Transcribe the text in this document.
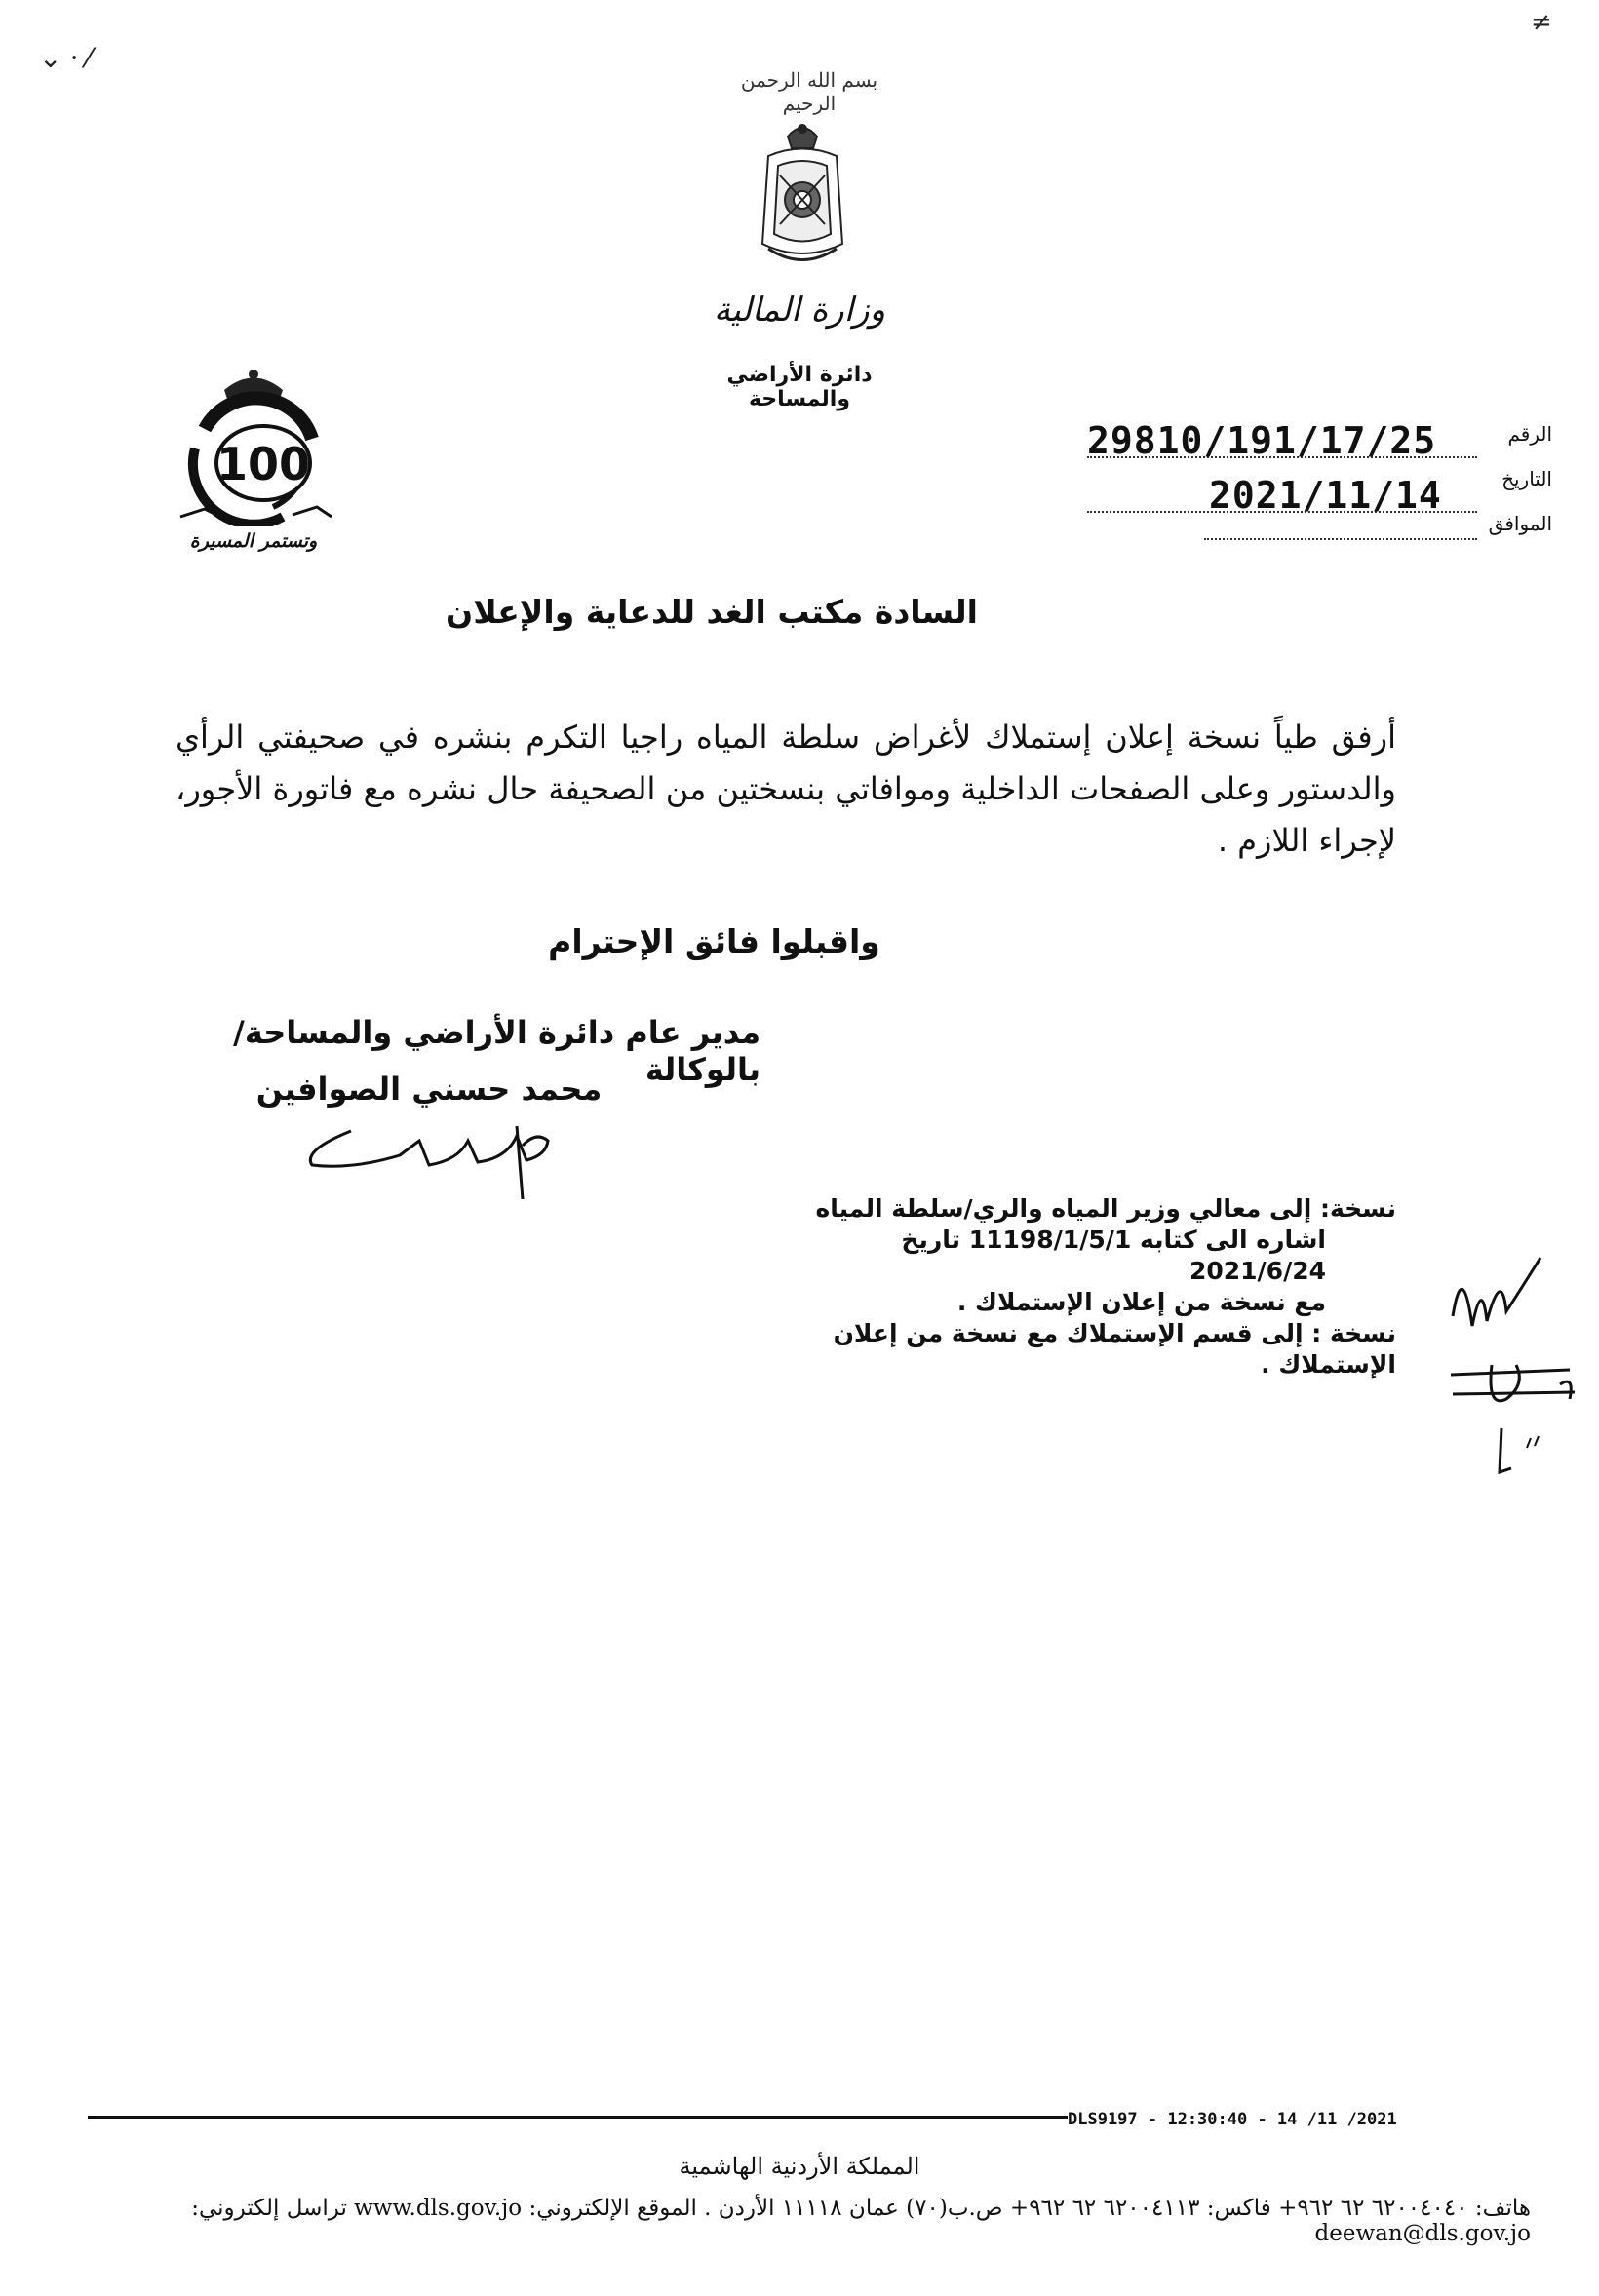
⌄ ⸱ ⁄
≠
بسم الله الرحمن الرحيم
وزارة المالية
دائرة الأراضي والمساحة
100
وتستمر المسيرة
الرقم
التاريخ
الموافق
29810/191/17/25
2021/11/14
السادة مكتب الغد للدعاية والإعلان
أرفق طياً نسخة إعلان إستملاك لأغراض سلطة المياه راجيا التكرم بنشره في صحيفتي الرأي والدستور وعلى الصفحات الداخلية وموافاتي بنسختين من الصحيفة حال نشره مع فاتورة الأجور، لإجراء اللازم .
واقبلوا فائق الإحترام
مدير عام دائرة الأراضي والمساحة/بالوكالة
محمد حسني الصوافين
نسخة: إلى معالي وزير المياه والري/سلطة المياه
اشاره الى كتابه 11198/1/5/1 تاريخ 2021/6/24
مع نسخة من إعلان الإستملاك .
نسخة : إلى قسم الإستملاك مع نسخة من إعلان الإستملاك .
DLS9197 - 12:30:40 - 14 /11 /2021
المملكة الأردنية الهاشمية
هاتف: ٦٢٠٠٤٠٤٠ ٦٢ ٩٦٢+ فاكس: ٦٢٠٠٤١١٣ ٦٢ ٩٦٢+ ص.ب(٧٠) عمان ١١١١٨ الأردن . الموقع الإلكتروني: www.dls.gov.jo تراسل إلكتروني: deewan@dls.gov.jo
